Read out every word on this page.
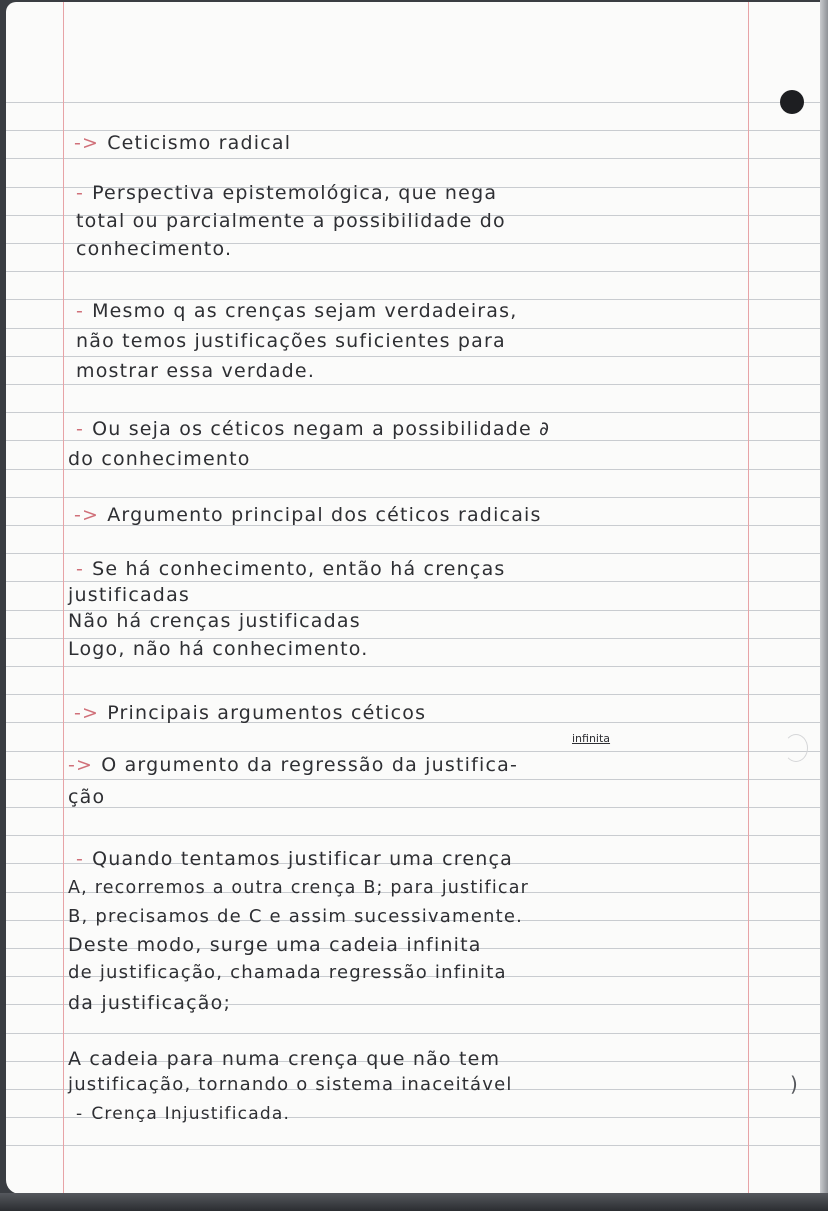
-> Ceticismo radical
- Perspectiva epistemológica, que nega
total ou parcialmente a possibilidade do
conhecimento.
- Mesmo q as crenças sejam verdadeiras,
não temos justificações suficientes para
mostrar essa verdade.
- Ou seja os céticos negam a possibilidade ∂
do conhecimento
-> Argumento principal dos céticos radicais
- Se há conhecimento, então há crenças
justificadas
Não há crenças justificadas
Logo, não há conhecimento.
-> Principais argumentos céticos
-> O argumento da regressão da justifica-
infinita
ção
- Quando tentamos justificar uma crença
A, recorremos a outra crença B; para justificar
B, precisamos de C e assim sucessivamente.
Deste modo, surge uma cadeia infinita
de justificação, chamada regressão infinita
da justificação;
A cadeia para numa crença que não tem
justificação, tornando o sistema inaceitável
- Crença Injustificada.
)
